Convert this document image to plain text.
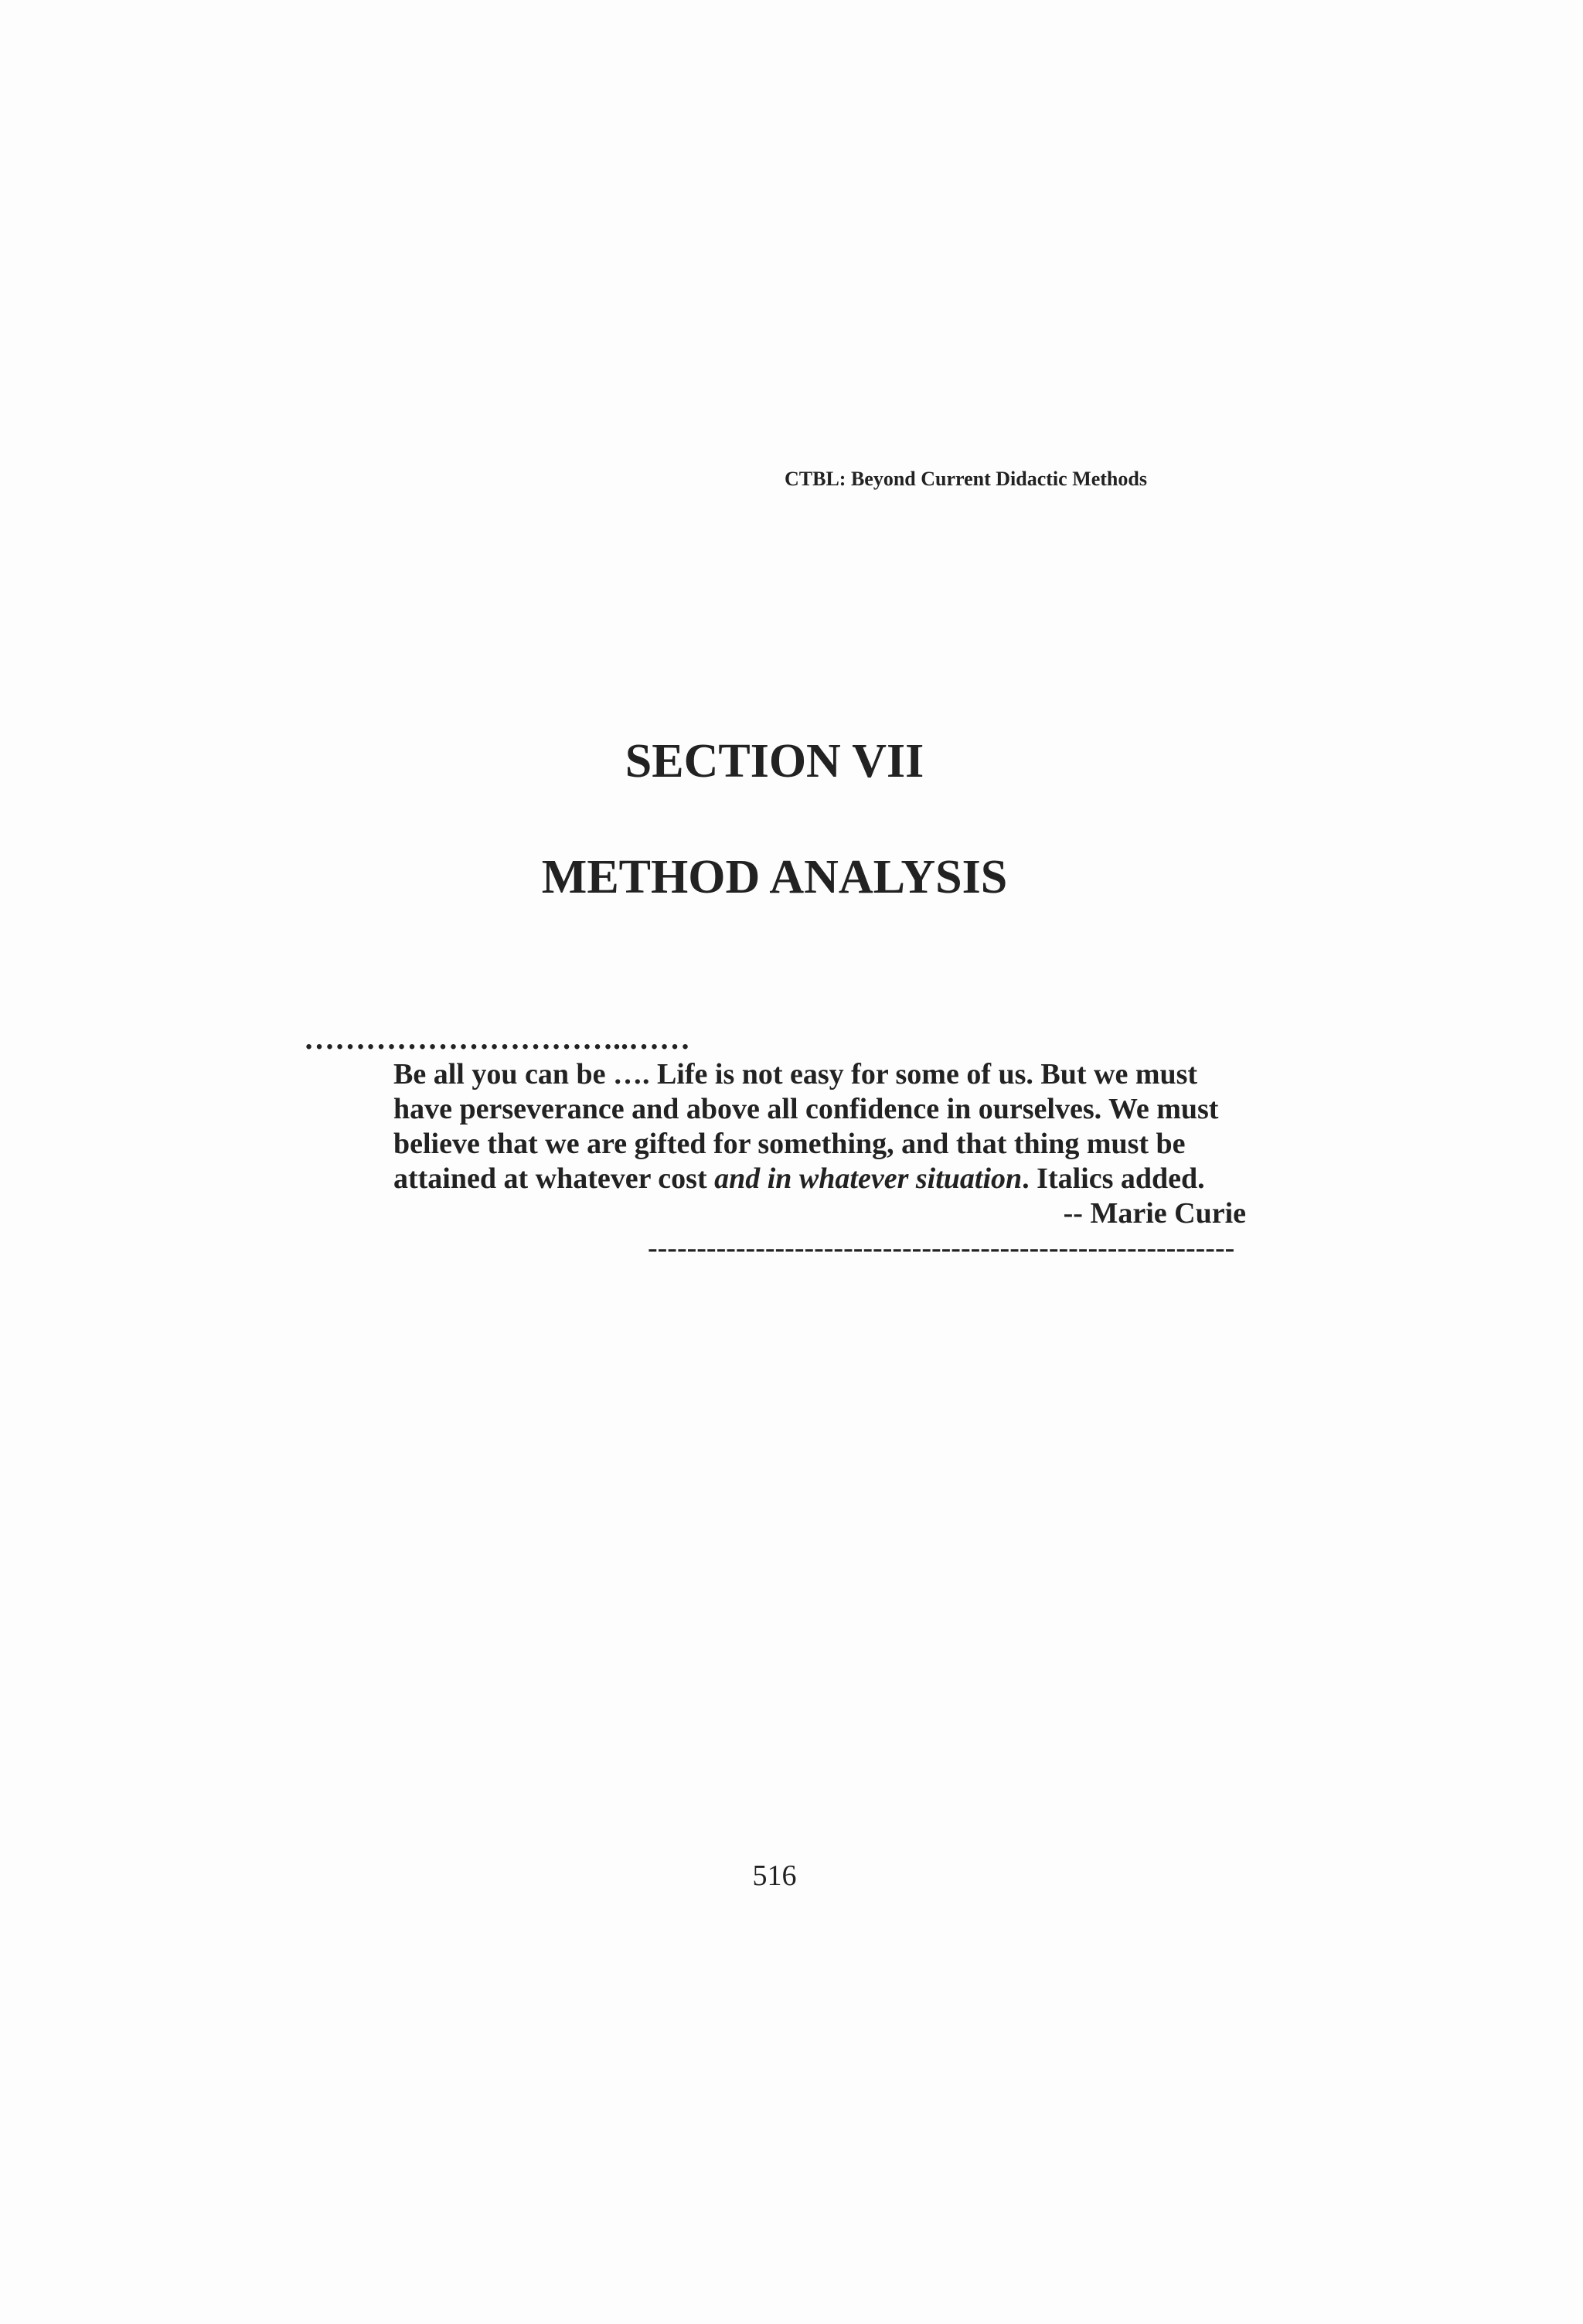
CTBL: Beyond Current Didactic Methods
SECTION VII
METHOD ANALYSIS
…………………………..……
Be all you can be …. Life is not easy for some of us. But we must
have perseverance and above all confidence in ourselves. We must
believe that we are gifted for something, and that thing must be
attained at whatever cost and in whatever situation. Italics added.
-- Marie Curie
------------------------------------------------------------
516
